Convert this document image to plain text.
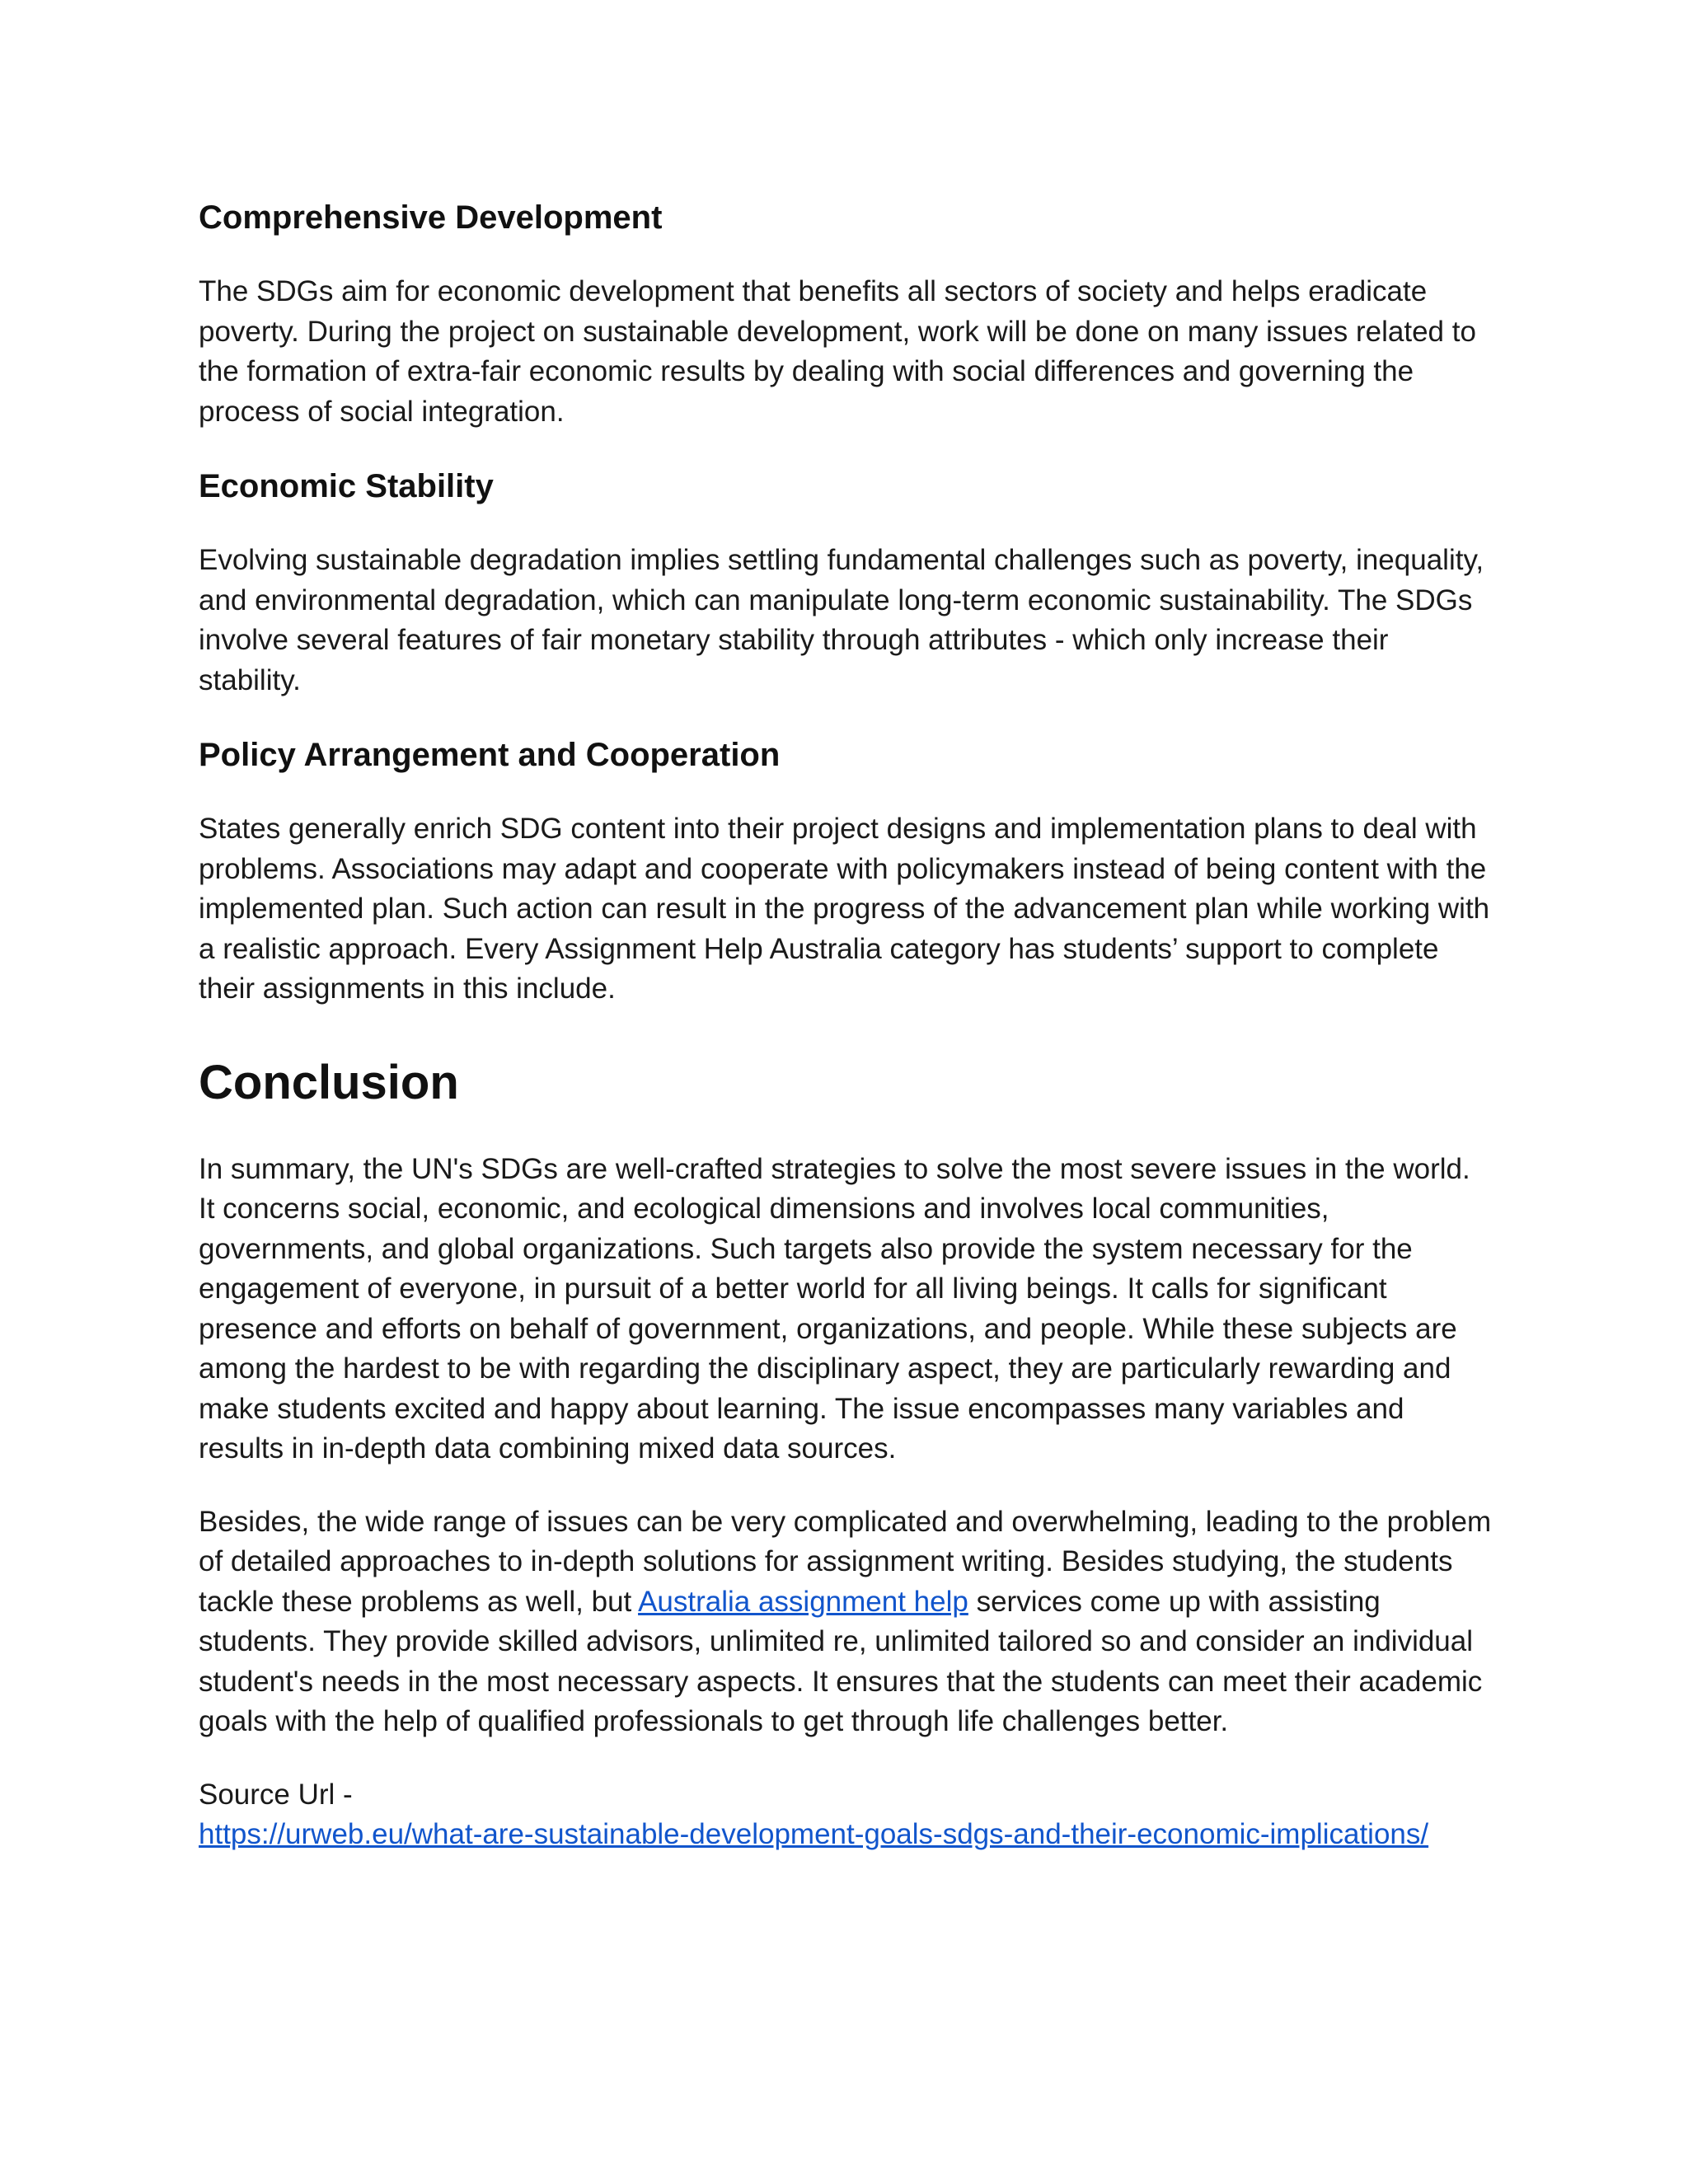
Comprehensive Development

The SDGs aim for economic development that benefits all sectors of society and helps eradicate poverty. During the project on sustainable development, work will be done on many issues related to the formation of extra-fair economic results by dealing with social differences and governing the process of social integration.

Economic Stability

Evolving sustainable degradation implies settling fundamental challenges such as poverty, inequality, and environmental degradation, which can manipulate long-term economic sustainability. The SDGs involve several features of fair monetary stability through attributes - which only increase their stability.

Policy Arrangement and Cooperation

States generally enrich SDG content into their project designs and implementation plans to deal with problems. Associations may adapt and cooperate with policymakers instead of being content with the implemented plan. Such action can result in the progress of the advancement plan while working with a realistic approach. Every Assignment Help Australia category has students’ support to complete their assignments in this include.

Conclusion

In summary, the UN's SDGs are well-crafted strategies to solve the most severe issues in the world. It concerns social, economic, and ecological dimensions and involves local communities, governments, and global organizations. Such targets also provide the system necessary for the engagement of everyone, in pursuit of a better world for all living beings. It calls for significant presence and efforts on behalf of government, organizations, and people. While these subjects are among the hardest to be with regarding the disciplinary aspect, they are particularly rewarding and make students excited and happy about learning. The issue encompasses many variables and results in in-depth data combining mixed data sources.

Besides, the wide range of issues can be very complicated and overwhelming, leading to the problem of detailed approaches to in-depth solutions for assignment writing. Besides studying, the students tackle these problems as well, but Australia assignment help services come up with assisting students. They provide skilled advisors, unlimited re, unlimited tailored so and consider an individual student's needs in the most necessary aspects. It ensures that the students can meet their academic goals with the help of qualified professionals to get through life challenges better.

Source Url -

https://urweb.eu/what-are-sustainable-development-goals-sdgs-and-their-economic-implications/
